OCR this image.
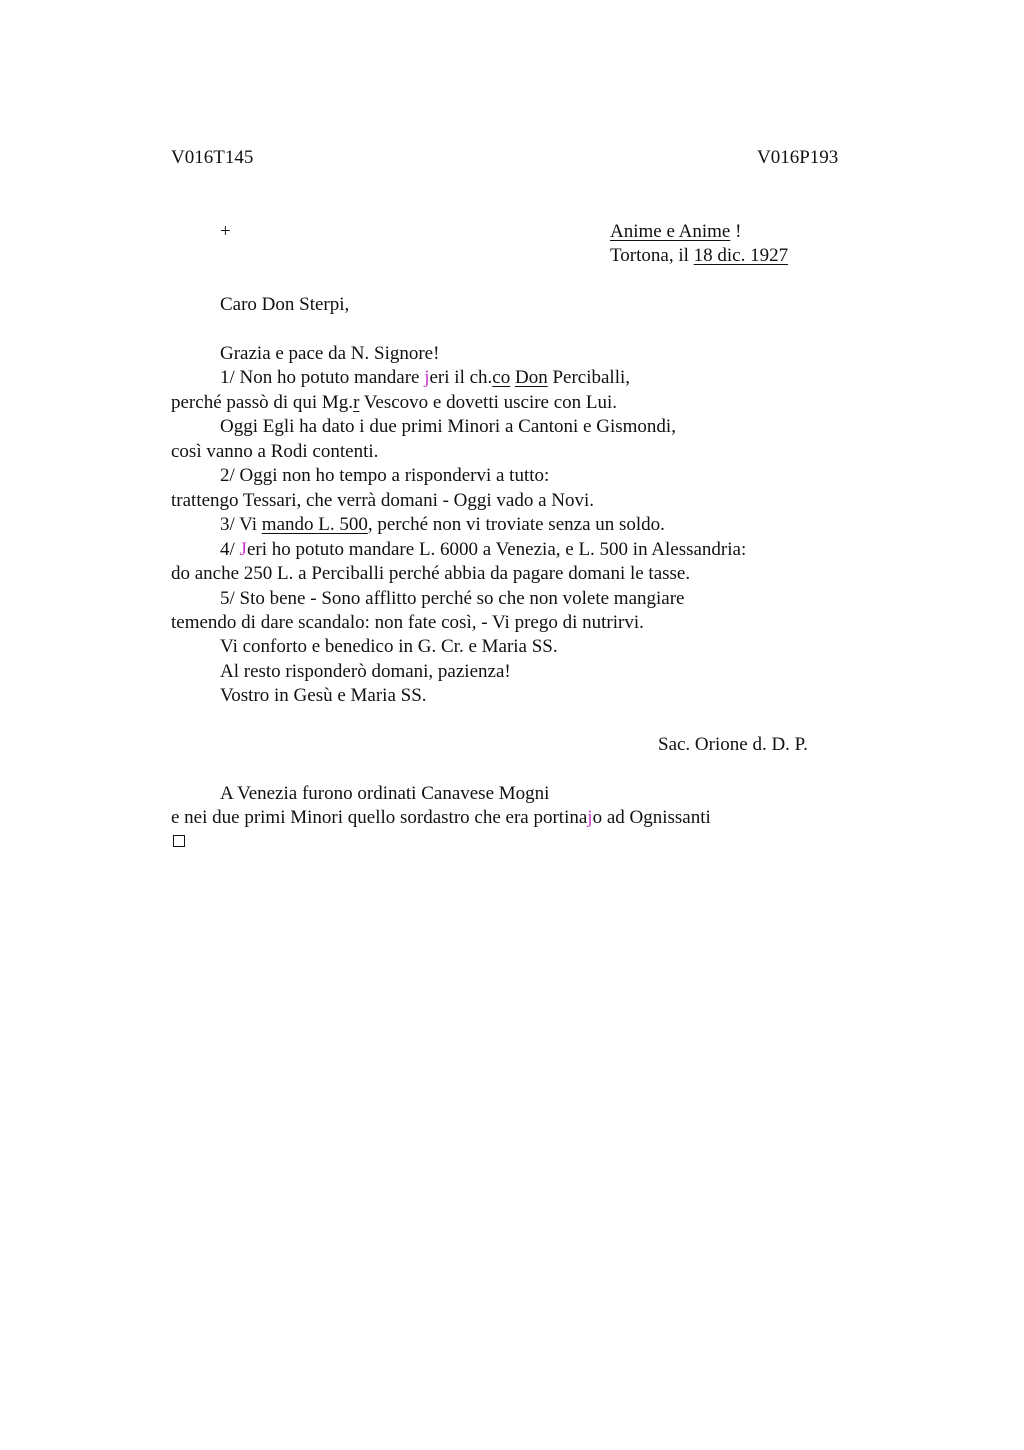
V016T145	V016P193
+	Anime e Anime !
Tortona, il 18 dic. 1927
Caro Don Sterpi,
Grazia e pace da N. Signore!
1/ Non ho potuto mandare jeri il ch.co Don Perciballi,
perché passò di qui Mg.r Vescovo e dovetti uscire con Lui.
Oggi Egli ha dato i due primi Minori a Cantoni e Gismondi,
così vanno a Rodi contenti.
2/ Oggi non ho tempo a rispondervi a tutto:
trattengo Tessari, che verrà domani - Oggi vado a Novi.
3/ Vi mando L. 500, perché non vi troviate senza un soldo.
4/ Jeri ho potuto mandare L. 6000 a Venezia, e L. 500 in Alessandria:
do anche 250 L. a Perciballi perché abbia da pagare domani le tasse.
5/ Sto bene - Sono afflitto perché so che non volete mangiare
temendo di dare scandalo: non fate così, - Vi prego di nutrirvi.
Vi conforto e benedico in G. Cr. e Maria SS.
Al resto risponderò domani, pazienza!
Vostro in Gesù e Maria SS.
Sac. Orione d. D. P.
A Venezia furono ordinati Canavese Mogni
e nei due primi Minori quello sordastro che era portinajo ad Ognissanti
